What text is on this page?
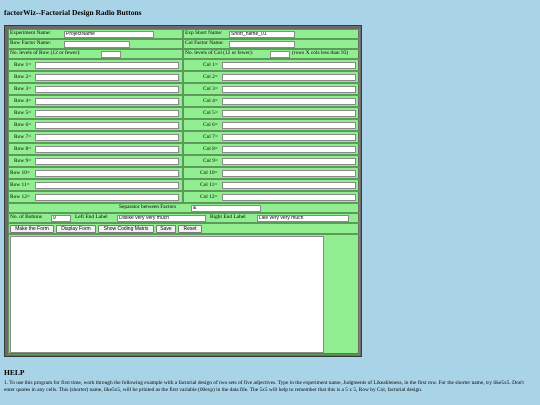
factorWiz--Factorial Design Radio Buttons
Experiment Name:	ProjectName	Exp Short Name:	Short_name_01
Row Factor Name:	Col Factor Name:
No. levels of Row (12 or fewer):	No. levels of Col (12 or fewer):	(rows X cols less than 93)
Row 1=	Col 1=
Row 2=	Col 2=
Row 3=	Col 3=
Row 4=	Col 4=
Row 5=	Col 5=
Row 6=	Col 6=
Row 7=	Col 7=
Row 8=	Col 8=
Row 9=	Col 9=
Row 10=	Col 10=
Row 11=	Col 11=
Row 12=	Col 12=
Separator between Factors	&
No. of Buttons	Left End Label	Right End Label
9	Dislike very very much	Like very very much
Make the Form	Display Form	Show Coding Matrix	Save	Reset
HELP
1. To use this program for first time, work through the following example with a factorial design of two sets of five adjectives. Type in the experiment name, Judgments of Likeableness, in the first row. For the shorter name, try like5x5. Don't enter quotes in any cells. This (shorter) name, like5x5, will be printed as the first variable (00exp) in the data file. The 5x5 will help to remember that this is a 5 x 5, Row by Col, factorial design.
